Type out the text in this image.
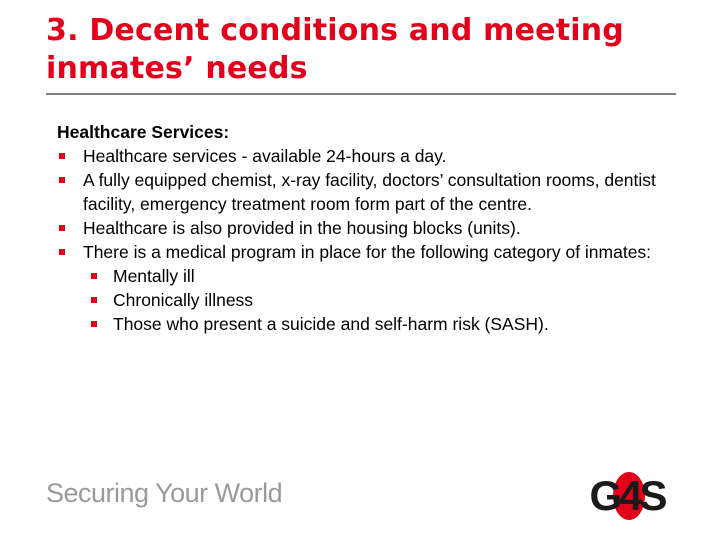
3. Decent conditions and meeting inmates’ needs
Healthcare Services:
Healthcare services - available 24-hours a day.
A fully equipped chemist, x-ray facility, doctors’ consultation rooms, dentist facility, emergency treatment room form part of the centre.
Healthcare is also provided in the housing blocks (units).
There is a medical program in place for the following category of inmates:
Mentally ill
Chronically illness
Those who present a suicide and self-harm risk (SASH).
Securing Your World	G4S
